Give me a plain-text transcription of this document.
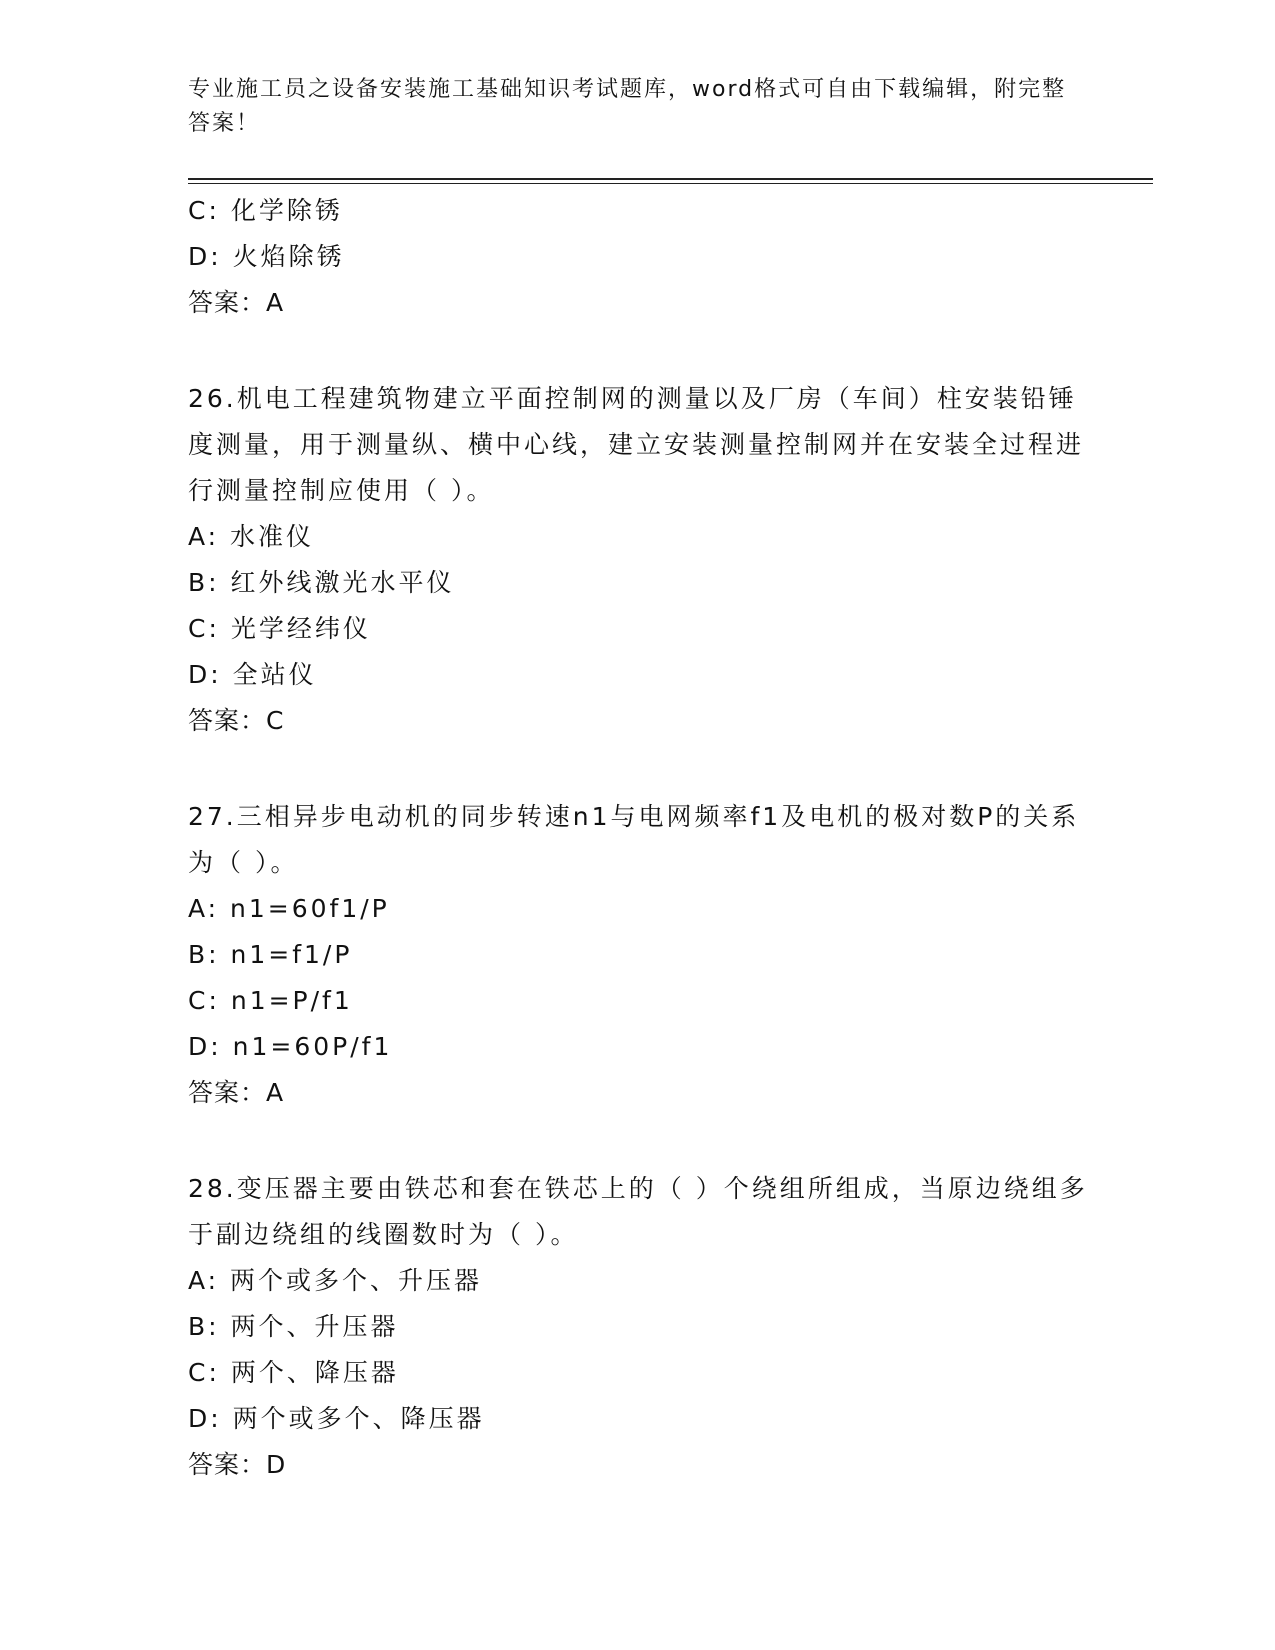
专业施工员之设备安装施工基础知识考试题库，word格式可自由下载编辑，附完整答案！
C: 化学除锈
D: 火焰除锈
答案：A
26.机电工程建筑物建立平面控制网的测量以及厂房（车间）柱安装铅锤度测量，用于测量纵、横中心线，建立安装测量控制网并在安装全过程进行测量控制应使用（ ）。
A: 水准仪
B: 红外线激光水平仪
C: 光学经纬仪
D: 全站仪
答案：C
27.三相异步电动机的同步转速n1与电网频率f1及电机的极对数P的关系为（ ）。
A: n1=60f1/P
B: n1=f1/P
C: n1=P/f1
D: n1=60P/f1
答案：A
28.变压器主要由铁芯和套在铁芯上的（ ）个绕组所组成，当原边绕组多于副边绕组的线圈数时为（ ）。
A: 两个或多个、升压器
B: 两个、升压器
C: 两个、降压器
D: 两个或多个、降压器
答案：D
